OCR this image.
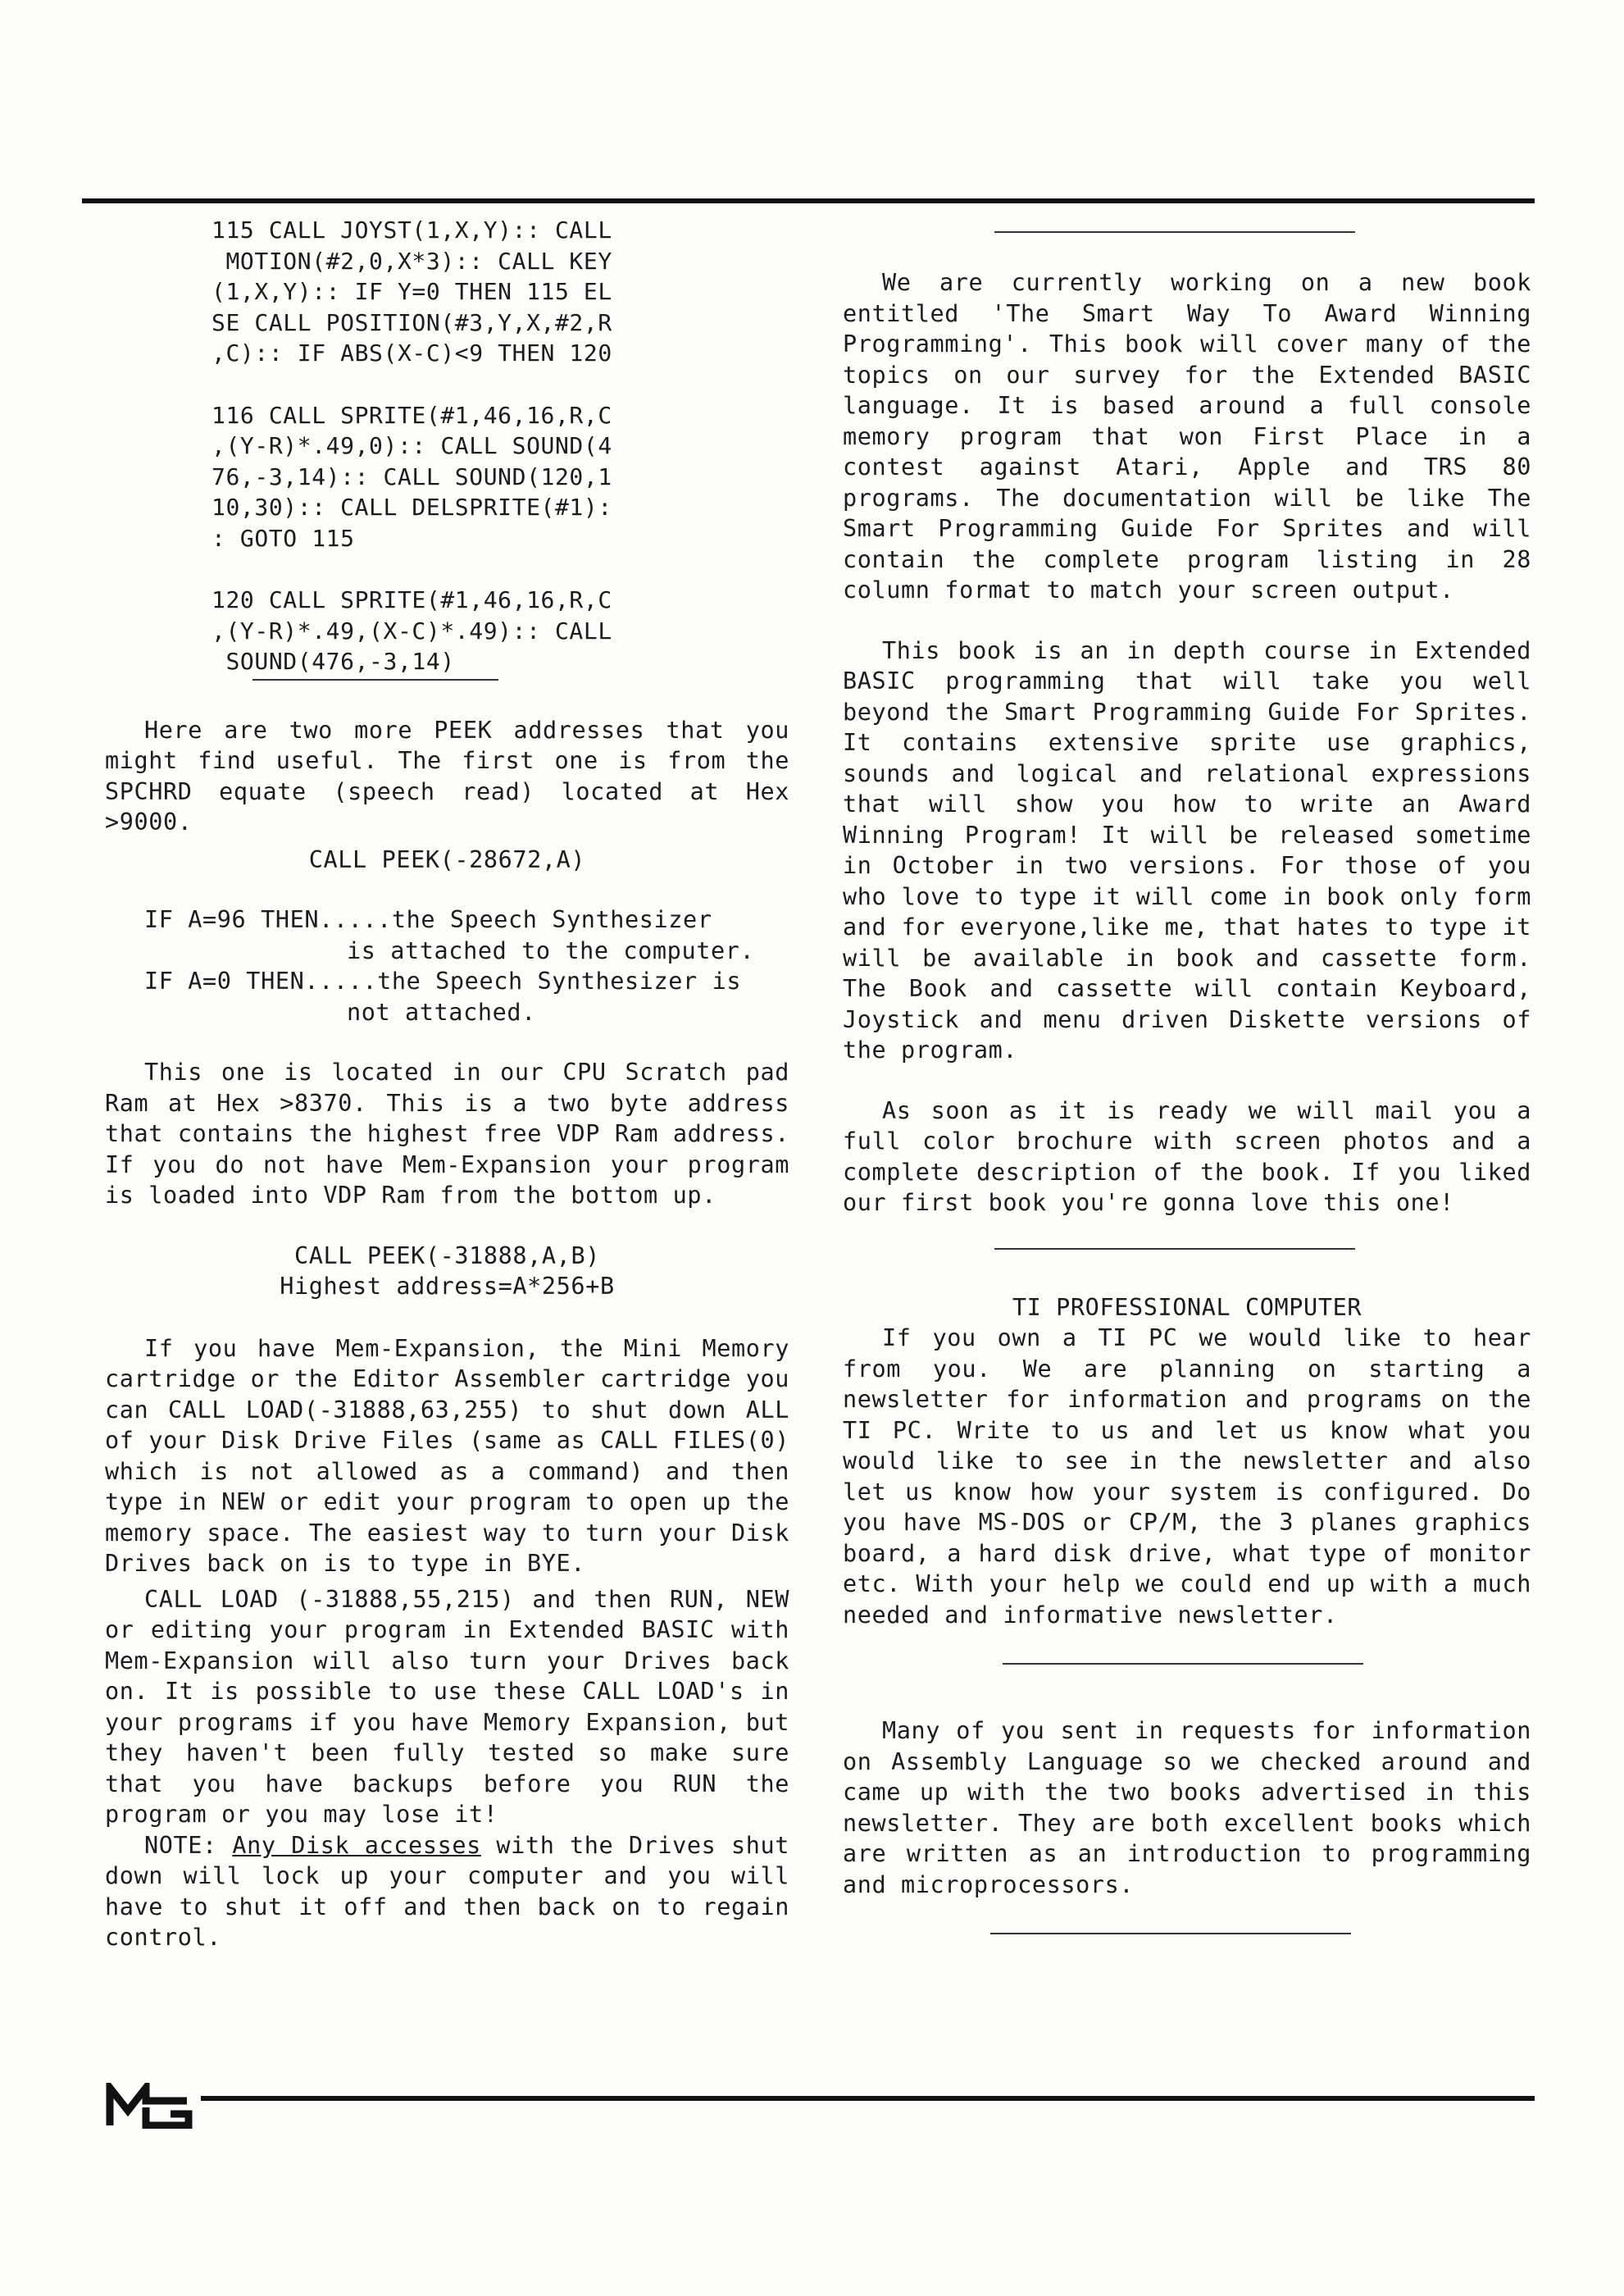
115 CALL JOYST(1,X,Y):: CALL
MOTION(#2,0,X*3):: CALL KEY
(1,X,Y):: IF Y=0 THEN 115 EL
SE CALL POSITION(#3,Y,X,#2,R
,C):: IF ABS(X-C)<9 THEN 120
116 CALL SPRITE(#1,46,16,R,C
,(Y-R)*.49,0):: CALL SOUND(4
76,-3,14):: CALL SOUND(120,1
10,30):: CALL DELSPRITE(#1):
: GOTO 115
120 CALL SPRITE(#1,46,16,R,C
,(Y-R)*.49,(X-C)*.49):: CALL
SOUND(476,-3,14)

Here are two more PEEK addresses that you might find useful. The first one is from the SPCHRD equate (speech read) located at Hex >9000.

CALL PEEK(-28672,A)

IF A=96 THEN.....the Speech Synthesizer

is attached to the computer.

IF A=0 THEN.....the Speech Synthesizer is

not attached.

This one is located in our CPU Scratch pad Ram at Hex >8370. This is a two byte address that contains the highest free VDP Ram address. If you do not have Mem-Expansion your program is loaded into VDP Ram from the bottom up.

CALL PEEK(-31888,A,B)

Highest address=A*256+B

If you have Mem-Expansion, the Mini Memory cartridge or the Editor Assembler cartridge you can CALL LOAD(-31888,63,255) to shut down ALL of your Disk Drive Files (same as CALL FILES(0) which is not allowed as a command) and then type in NEW or edit your program to open up the memory space. The easiest way to turn your Disk Drives back on is to type in BYE.

CALL LOAD (-31888,55,215) and then RUN, NEW or editing your program in Extended BASIC with Mem-Expansion will also turn your Drives back on. It is possible to use these CALL LOAD's in your programs if you have Memory Expansion, but they haven't been fully tested so make sure that you have backups before you RUN the program or you may lose it!

NOTE: Any Disk accesses with the Drives shut down will lock up your computer and you will have to shut it off and then back on to regain control.

We are currently working on a new book entitled 'The Smart Way To Award Winning Programming'. This book will cover many of the topics on our survey for the Extended BASIC language. It is based around a full console memory program that won First Place in a contest against Atari, Apple and TRS 80 programs. The documentation will be like The Smart Programming Guide For Sprites and will contain the complete program listing in 28 column format to match your screen output.

This book is an in depth course in Extended BASIC programming that will take you well beyond the Smart Programming Guide For Sprites. It contains extensive sprite use graphics, sounds and logical and relational expressions that will show you how to write an Award Winning Program! It will be released sometime in October in two versions. For those of you who love to type it will come in book only form and for everyone,like me, that hates to type it will be available in book and cassette form. The Book and cassette will contain Keyboard, Joystick and menu driven Diskette versions of the program.

As soon as it is ready we will mail you a full color brochure with screen photos and a complete description of the book. If you liked our first book you're gonna love this one!

TI PROFESSIONAL COMPUTER

If you own a TI PC we would like to hear from you. We are planning on starting a newsletter for information and programs on the TI PC. Write to us and let us know what you would like to see in the newsletter and also let us know how your system is configured. Do you have MS-DOS or CP/M, the 3 planes graphics board, a hard disk drive, what type of monitor etc. With your help we could end up with a much needed and informative newsletter.

Many of you sent in requests for information on Assembly Language so we checked around and came up with the two books advertised in this newsletter. They are both excellent books which are written as an introduction to programming and microprocessors.
